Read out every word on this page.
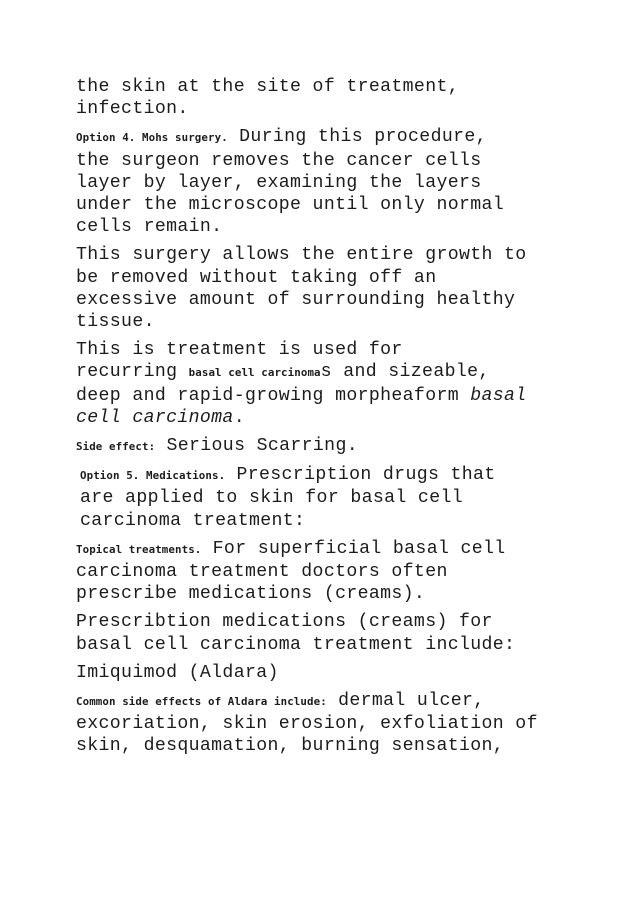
the skin at the site of treatment,
infection.

Option 4. Mohs surgery. During this procedure,
the surgeon removes the cancer cells
layer by layer, examining the layers
under the microscope until only normal
cells remain.

This surgery allows the entire growth to
be removed without taking off an
excessive amount of surrounding healthy
tissue.

This is treatment is used for
recurring basal cell carcinomas and sizeable,
deep and rapid-growing morpheaform basal
cell carcinoma.

Side effect: Serious Scarring.

Option 5. Medications. Prescription drugs that
are applied to skin for basal cell
carcinoma treatment:

Topical treatments. For superficial basal cell
carcinoma treatment doctors often
prescribe medications (creams).

Prescribtion medications (creams) for
basal cell carcinoma treatment include:

Imiquimod (Aldara)

Common side effects of Aldara include: dermal ulcer,
excoriation, skin erosion, exfoliation of
skin, desquamation, burning sensation,
